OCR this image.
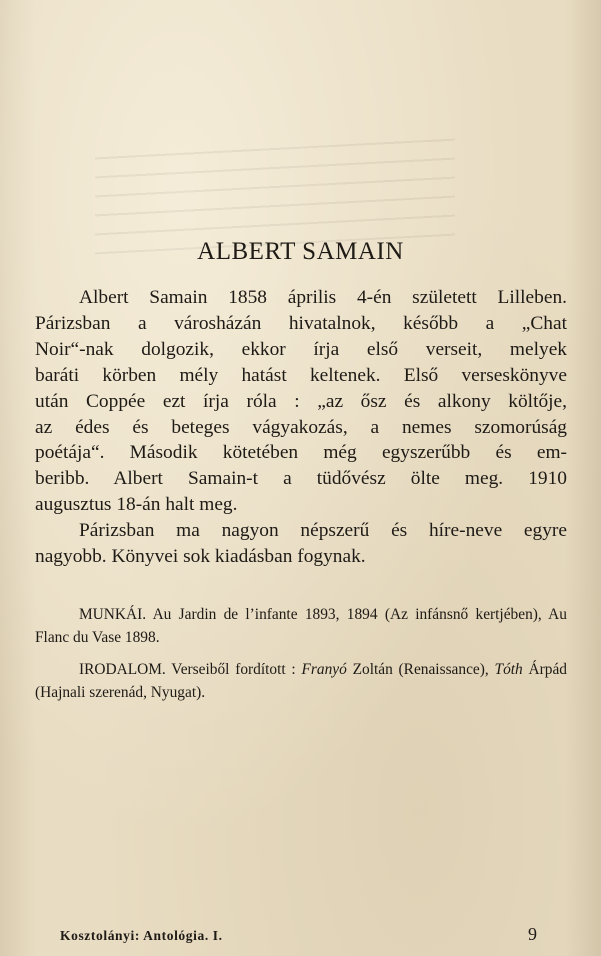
ALBERT SAMAIN

Albert Samain 1858 április 4-én született Lilleben.
Párizsban a városházán hivatalnok, később a „Chat
Noir“-nak dolgozik, ekkor írja első verseit, melyek
baráti körben mély hatást keltenek. Első verseskönyve
után Coppée ezt írja róla : „az ősz és alkony költője,
az édes és beteges vágyakozás, a nemes szomorúság
poétája“. Második kötetében még egyszerűbb és em-
beribb. Albert Samain-t a tüdővész ölte meg. 1910
augusztus 18-án halt meg.
Párizsban ma nagyon népszerű és híre-neve egyre
nagyobb. Könyvei sok kiadásban fogynak.

MUNKÁI. Au Jardin de l’infante 1893, 1894 (Az infánsnő kertjében), Au Flanc du Vase 1898.

IRODALOM. Verseiből fordított : Franyó Zoltán (Renaissance), Tóth Árpád (Hajnali szerenád, Nyugat).

Kosztolányi: Antológia. I.	9
